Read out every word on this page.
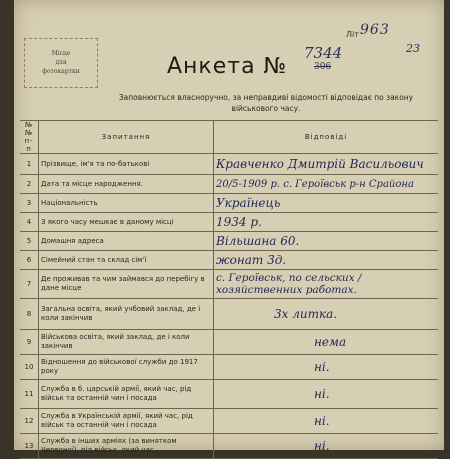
Місце
для
фотокартки
Літ 963
23
Анкета №
7344
306
Заповнюється власноручно, за неправдиві відомості відповідає по закону військового часу.
№№ п-п	Запитання	Відповіді
1	Прізвище, ім'я та по-батькові	Кравченко Дмитрій Васильович
2	Дата та місце народження.	20/5-1909 р. с. Героївськ р-н Срайона
3	Національність	Українець
4	З якого часу мешкає в даному місці	1934 р.
5	Домашня адреса	Вільшана 60.
6	Сімейний стан та склад сім'ї	жонат 3д.
7	Де проживав та чим займався до перебігу в дане місце	с. Героївськ, по сельских / хозяйственних работах.
8	Загальна освіта, який учбовий заклад, де і коли закінчив	3х литка.
9	Військова освіта, який заклад, де і коли закінчив	нема
10	Відношення до військової служби до 1917 року	ні.
11	Служба в б. царській армії, який час, рід військ та останній чин і посада	ні.
12	Служба в Українській армії, який час, рід військ та останній чин і посада	ні.
13	Служба в інших арміях (за винятком Червоної), рід військ, який час	ні.
